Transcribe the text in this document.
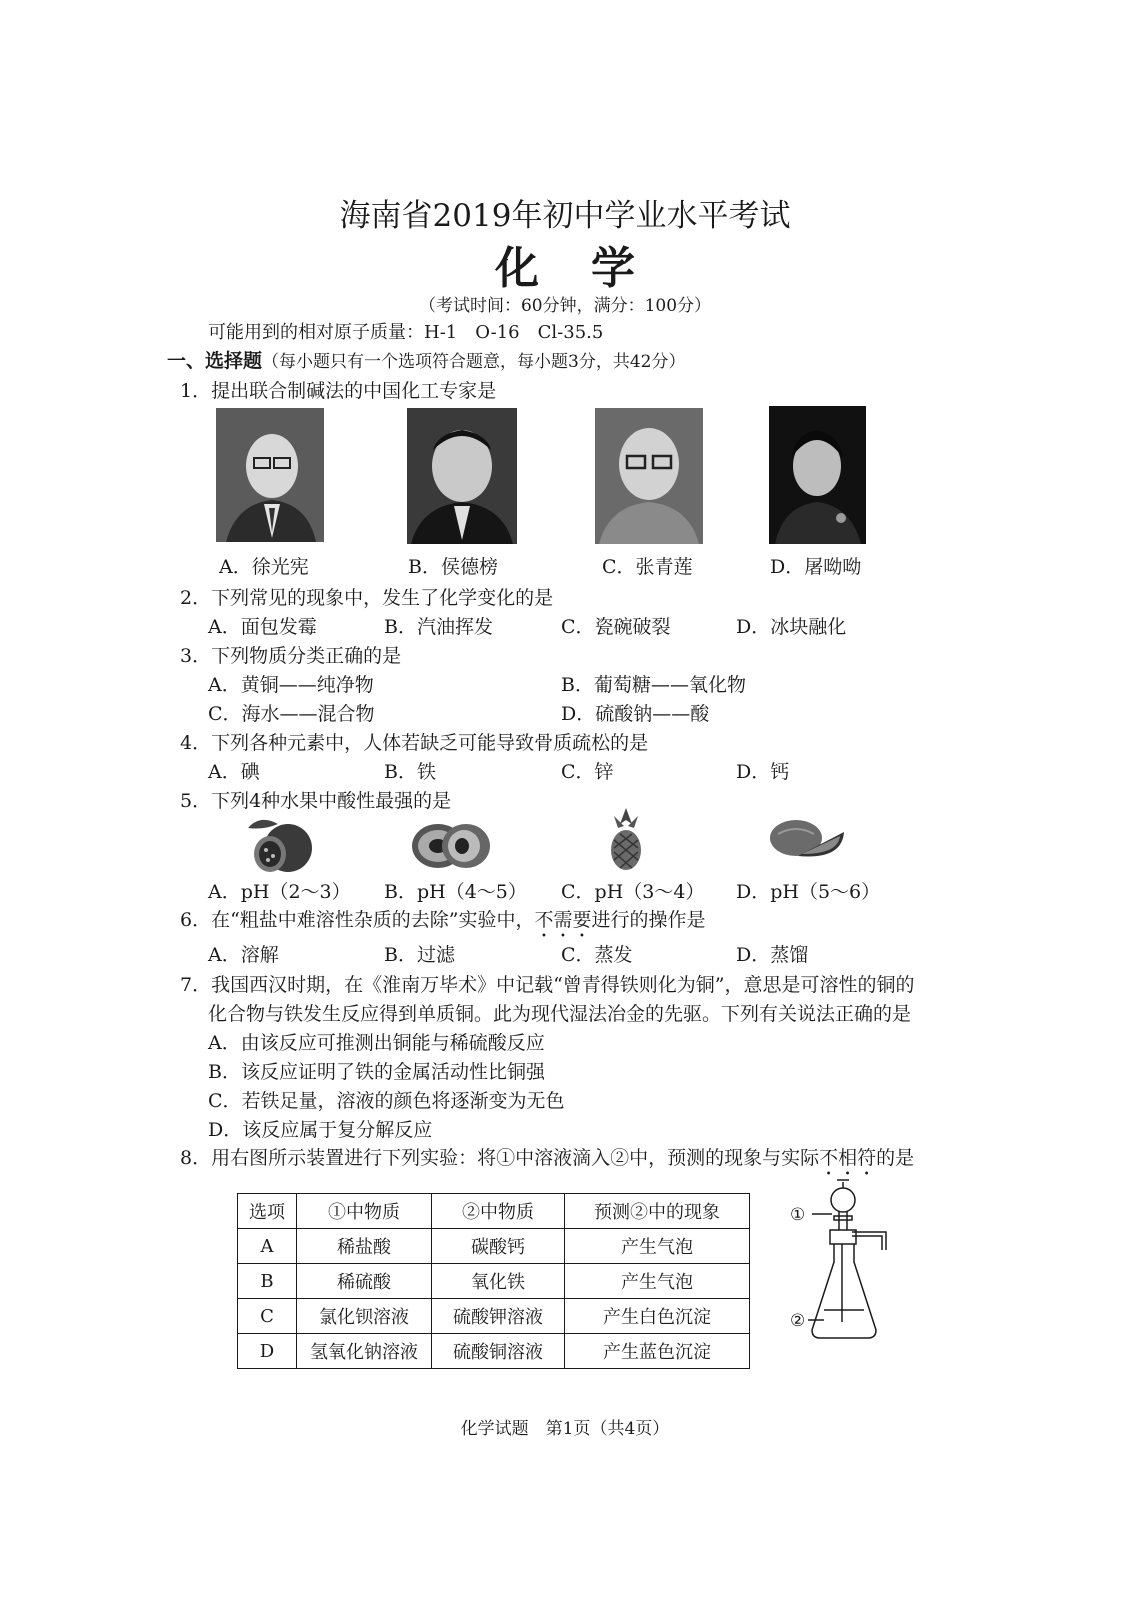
海南省2019年初中学业水平考试
化学
（考试时间：60分钟，满分：100分）
可能用到的相对原子质量：H-1　O-16　Cl-35.5
一、选择题（每小题只有一个选项符合题意，每小题3分，共42分）
1．提出联合制碱法的中国化工专家是
A．徐光宪	B．侯德榜	C．张青莲	D．屠呦呦
2．下列常见的现象中，发生了化学变化的是
A．面包发霉	B．汽油挥发	C．瓷碗破裂	D．冰块融化
3．下列物质分类正确的是
A．黄铜——纯净物	B．葡萄糖——氧化物
C．海水——混合物	D．硫酸钠——酸
4．下列各种元素中，人体若缺乏可能导致骨质疏松的是
A．碘	B．铁	C．锌	D．钙
5．下列4种水果中酸性最强的是
A．pH（2～3） B．pH（4～5） C．pH（3～4） D．pH（5～6）
6．在“粗盐中难溶性杂质的去除”实验中，不需要进行的操作是
A．溶解	B．过滤	C．蒸发	D．蒸馏
7．我国西汉时期，在《淮南万毕术》中记载“曾青得铁则化为铜”，意思是可溶性的铜的
化合物与铁发生反应得到单质铜。此为现代湿法冶金的先驱。下列有关说法正确的是
A．由该反应可推测出铜能与稀硫酸反应
B．该反应证明了铁的金属活动性比铜强
C．若铁足量，溶液的颜色将逐渐变为无色
D．该反应属于复分解反应
8．用右图所示装置进行下列实验：将①中溶液滴入②中，预测的现象与实际不相符的是
选项	①中物质	②中物质	预测②中的现象
A	稀盐酸	碳酸钙	产生气泡
B	稀硫酸	氧化铁	产生气泡
C	氯化钡溶液	硫酸钾溶液	产生白色沉淀
D	氢氧化钠溶液	硫酸铜溶液	产生蓝色沉淀
①
②
化学试题　第1页（共4页）
